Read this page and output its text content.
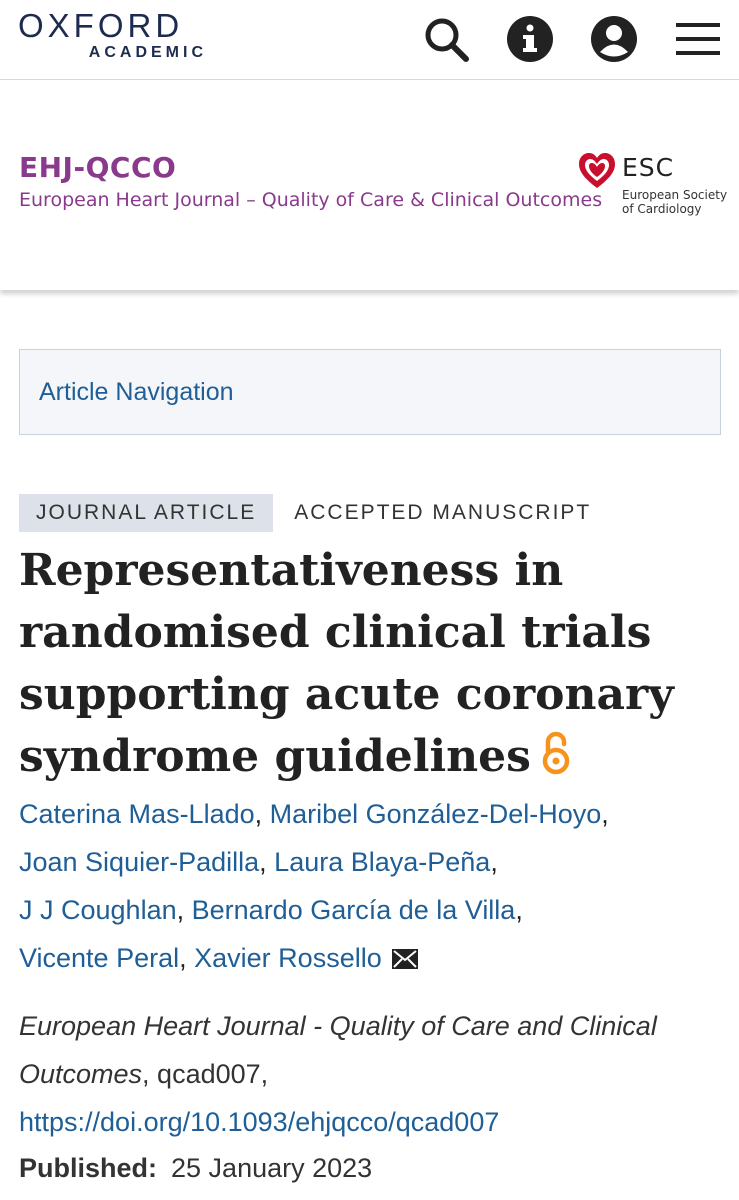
OXFORD
ACADEMIC
EHJ-QCCO
European Heart Journal – Quality of Care & Clinical Outcomes
ESC
European Society
of Cardiology
Article Navigation
JOURNAL ARTICLE	ACCEPTED MANUSCRIPT
Representativeness in randomised clinical trials supporting acute coronary syndrome guidelines
Caterina Mas-Llado, Maribel González-Del-Hoyo,
Joan Siquier-Padilla, Laura Blaya-Peña,
J J Coughlan, Bernardo García de la Villa,
Vicente Peral, Xavier Rossello
European Heart Journal - Quality of Care and Clinical Outcomes, qcad007,
https://doi.org/10.1093/ehjqcco/qcad007
Published: 25 January 2023
